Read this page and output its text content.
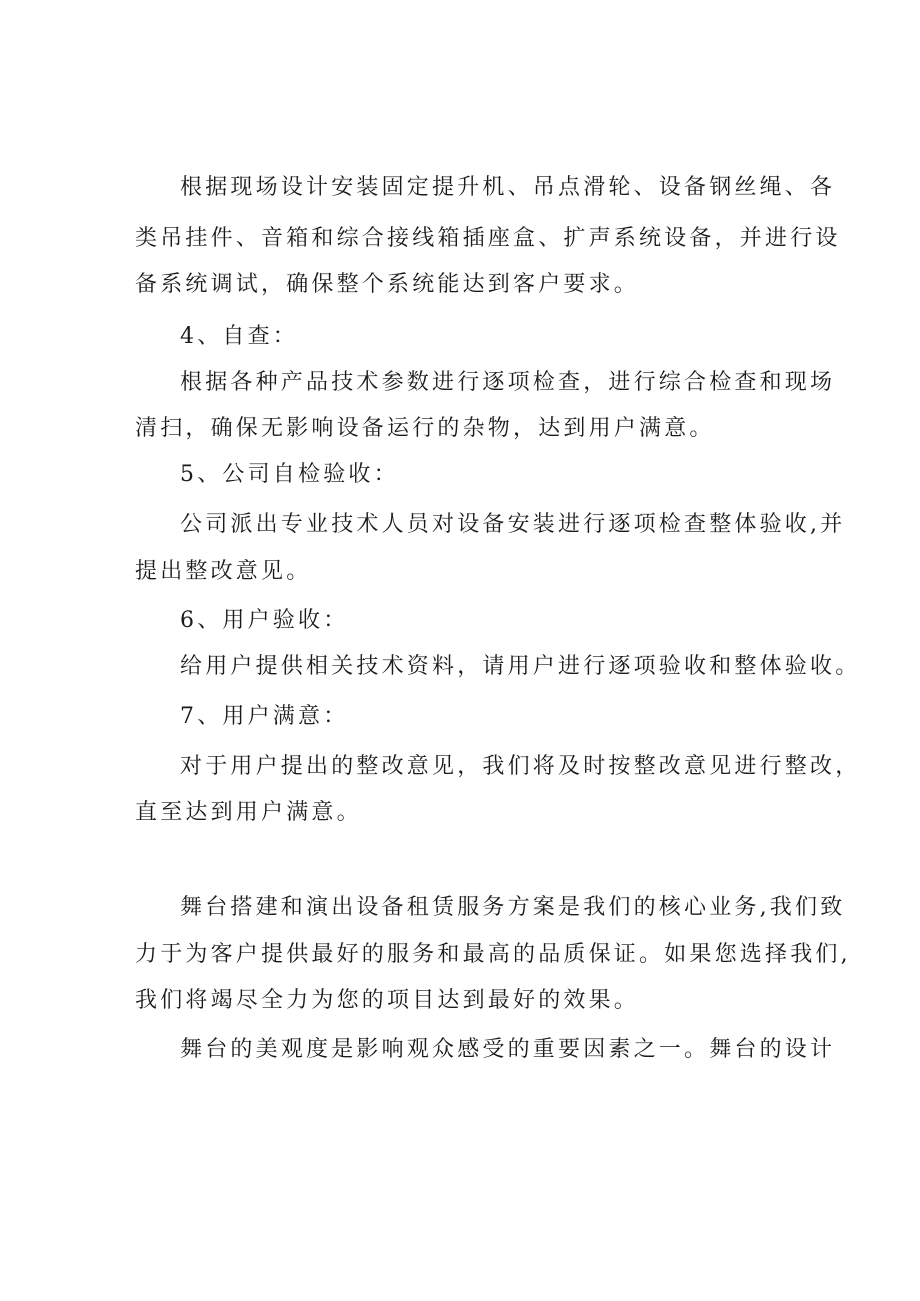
根据现场设计安装固定提升机、吊点滑轮、设备钢丝绳、各
类吊挂件、音箱和综合接线箱插座盒、扩声系统设备，并进行设
备系统调试，确保整个系统能达到客户要求。
4、自查：
根据各种产品技术参数进行逐项检查，进行综合检查和现场
清扫，确保无影响设备运行的杂物，达到用户满意。
5、公司自检验收：
公司派出专业技术人员对设备安装进行逐项检查整体验收,并
提出整改意见。
6、用户验收：
给用户提供相关技术资料，请用户进行逐项验收和整体验收。
7、用户满意：
对于用户提出的整改意见，我们将及时按整改意见进行整改，
直至达到用户满意。
舞台搭建和演出设备租赁服务方案是我们的核心业务,我们致
力于为客户提供最好的服务和最高的品质保证。如果您选择我们,
我们将竭尽全力为您的项目达到最好的效果。
舞台的美观度是影响观众感受的重要因素之一。舞台的设计
